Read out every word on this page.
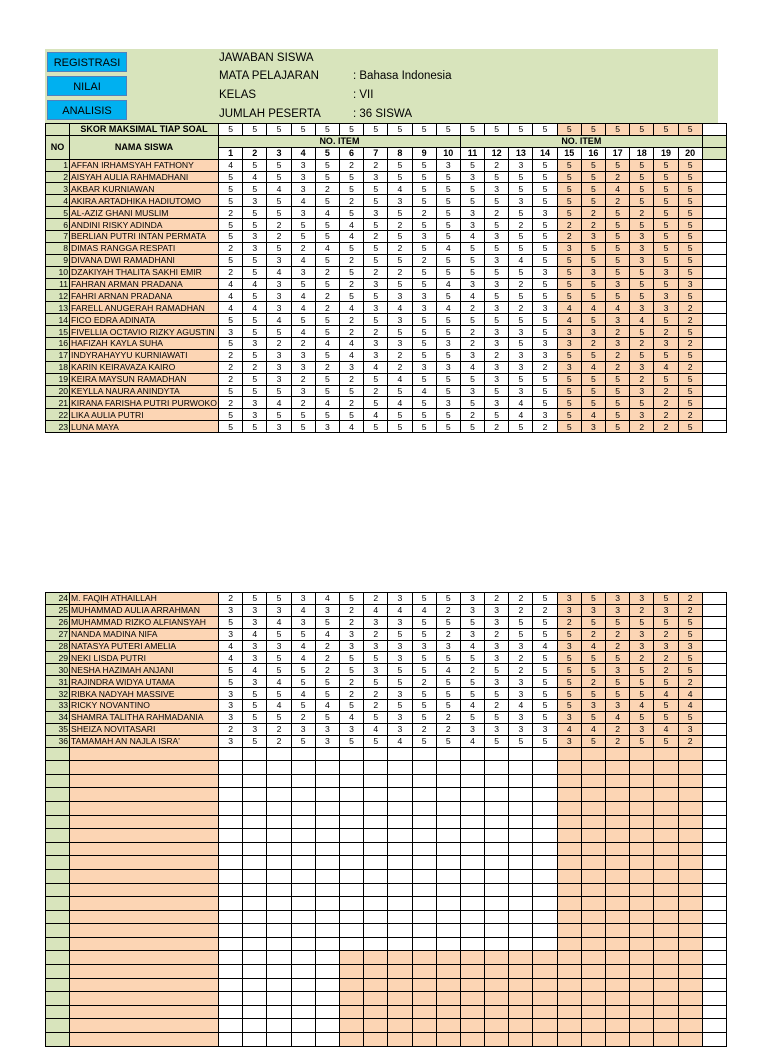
REGISTRASI
NILAI
ANALISIS
JAWABAN SISWA
MATA PELAJARAN	: Bahasa Indonesia
KELAS	: VII
JUMLAH PESERTA	: 36 SISWA
	SKOR MAKSIMAL TIAP SOAL	5	5	5	5	5	5	5	5	5	5	5	5	5	5	5	5	5	5	5	5	
NO	NAMA SISWA	NO. ITEM										NO. ITEM										
		1	2	3	4	5	6	7	8	9	10	11	12	13	14	15	16	17	18	19	20	
1	AFFAN IRHAMSYAH FATHONY	4	5	5	3	5	2	2	5	5	3	5	2	3	5	5	5	5	5	5	5	
2	AISYAH AULIA RAHMADHANI	5	4	5	3	5	5	3	5	5	5	3	5	5	5	5	5	2	5	5	5	
3	AKBAR KURNIAWAN	5	5	4	3	2	5	5	4	5	5	5	3	5	5	5	5	4	5	5	5	
4	AKIRA ARTADHIKA HADIUTOMO	5	3	5	4	5	2	5	3	5	5	5	5	3	5	5	5	2	5	5	5	
5	AL-AZIZ GHANI MUSLIM	2	5	5	3	4	5	3	5	2	5	3	2	5	3	5	2	5	2	5	5	
6	ANDINI RISKY ADINDA	5	5	2	5	5	4	5	2	5	5	3	5	2	5	2	2	5	5	5	5	
7	BERLIAN PUTRI INTAN PERMATA	5	3	2	5	5	4	2	5	3	5	4	3	5	5	2	3	5	3	5	5	
8	DIMAS RANGGA RESPATI	2	3	5	2	4	5	5	2	5	4	5	5	5	5	3	5	5	3	5	5	
9	DIVANA DWI RAMADHANI	5	5	3	4	5	2	5	5	2	5	5	3	4	5	5	5	5	3	5	5	
10	DZAKIYAH THALITA SAKHI EMIR	2	5	4	3	2	5	2	2	5	5	5	5	5	3	5	3	5	5	3	5	
11	FAHRAN ARMAN PRADANA	4	4	3	5	5	2	3	5	5	4	3	3	2	5	5	5	3	5	5	3	
12	FAHRI ARNAN PRADANA	4	5	3	4	2	5	5	3	3	5	4	5	5	5	5	5	5	5	3	5	
13	FARELL ANUGERAH RAMADHAN	4	4	3	4	2	4	3	4	3	4	2	3	2	3	4	4	4	3	3	2	
14	FICO EDRA ADINATA	5	5	4	5	5	2	5	3	5	5	5	5	5	5	4	5	3	4	5	2	
15	FIVELLIA OCTAVIO RIZKY AGUSTIN	3	5	5	4	5	2	2	5	5	5	2	3	3	5	3	3	2	5	2	5	
16	HAFIZAH KAYLA SUHA	5	3	2	2	4	4	3	3	5	3	2	3	5	3	3	2	3	2	3	2	
17	INDYRAHAYYU KURNIAWATI	2	5	3	3	5	4	3	2	5	5	3	2	3	3	5	5	2	5	5	5	
18	KARIN KEIRAVAZA KAIRO	2	2	3	3	2	3	4	2	3	3	4	3	3	2	3	4	2	3	4	2	
19	KEIRA MAYSUN RAMADHAN	2	5	3	2	5	2	5	4	5	5	5	3	5	5	5	5	5	2	5	5	
20	KEYLLA NAURA ANINDYTA	5	5	5	3	5	5	2	5	4	5	3	5	3	5	5	5	5	3	2	5	
21	KIRANA FARISHA PUTRI PURWOKO	2	3	4	2	4	2	5	4	5	3	5	3	4	5	5	5	5	5	2	5	
22	LIKA AULIA PUTRI	5	3	5	5	5	5	4	5	5	5	2	5	4	3	5	4	5	3	2	2	
23	LUNA MAYA	5	5	3	5	3	4	5	5	5	5	5	2	5	2	5	3	5	2	2	5	
24	M. FAQIH ATHAILLAH	2	5	5	3	4	5	2	3	5	5	3	2	2	5	3	5	3	3	5	2	
25	MUHAMMAD AULIA ARRAHMAN	3	3	3	4	3	2	4	4	4	2	3	3	2	2	3	3	3	2	3	2	
26	MUHAMMAD RIZKO ALFIANSYAH	5	3	4	3	5	2	3	3	5	5	5	3	5	5	2	5	5	5	5	5	
27	NANDA MADINA NIFA	3	4	5	5	4	3	2	5	5	2	3	2	5	5	5	2	2	3	2	5	
28	NATASYA PUTERI AMELIA	4	3	3	4	2	3	3	3	3	3	4	3	3	4	3	4	2	3	3	3	
29	NEKI LISDA PUTRI	4	3	5	4	2	5	5	3	5	5	5	3	2	5	5	5	5	2	2	5	
30	NESHA HAZIMAH ANJANI	5	4	5	5	2	5	3	5	5	4	2	5	2	5	5	5	3	5	2	5	
31	RAJINDRA WIDYA UTAMA	5	3	4	5	5	2	5	5	2	5	5	3	3	5	5	2	5	5	5	2	
32	RIBKA NADYAH MASSIVE	3	5	5	4	5	2	2	3	5	5	5	5	3	5	5	5	5	5	4	4	
33	RICKY NOVANTINO	3	5	4	5	4	5	2	5	5	5	4	2	4	5	5	3	3	4	5	4	
34	SHAMRA TALITHA RAHMADANIA	3	5	5	2	5	4	5	3	5	2	5	5	3	5	3	5	4	5	5	5	
35	SHEIZA NOVITASARI	2	3	2	3	3	3	4	3	2	2	3	3	3	3	4	4	2	3	4	3	
36	TAMAMAH AN NAJLA ISRA'	3	5	2	5	3	5	5	4	5	5	4	5	5	5	3	5	2	5	5	2	
